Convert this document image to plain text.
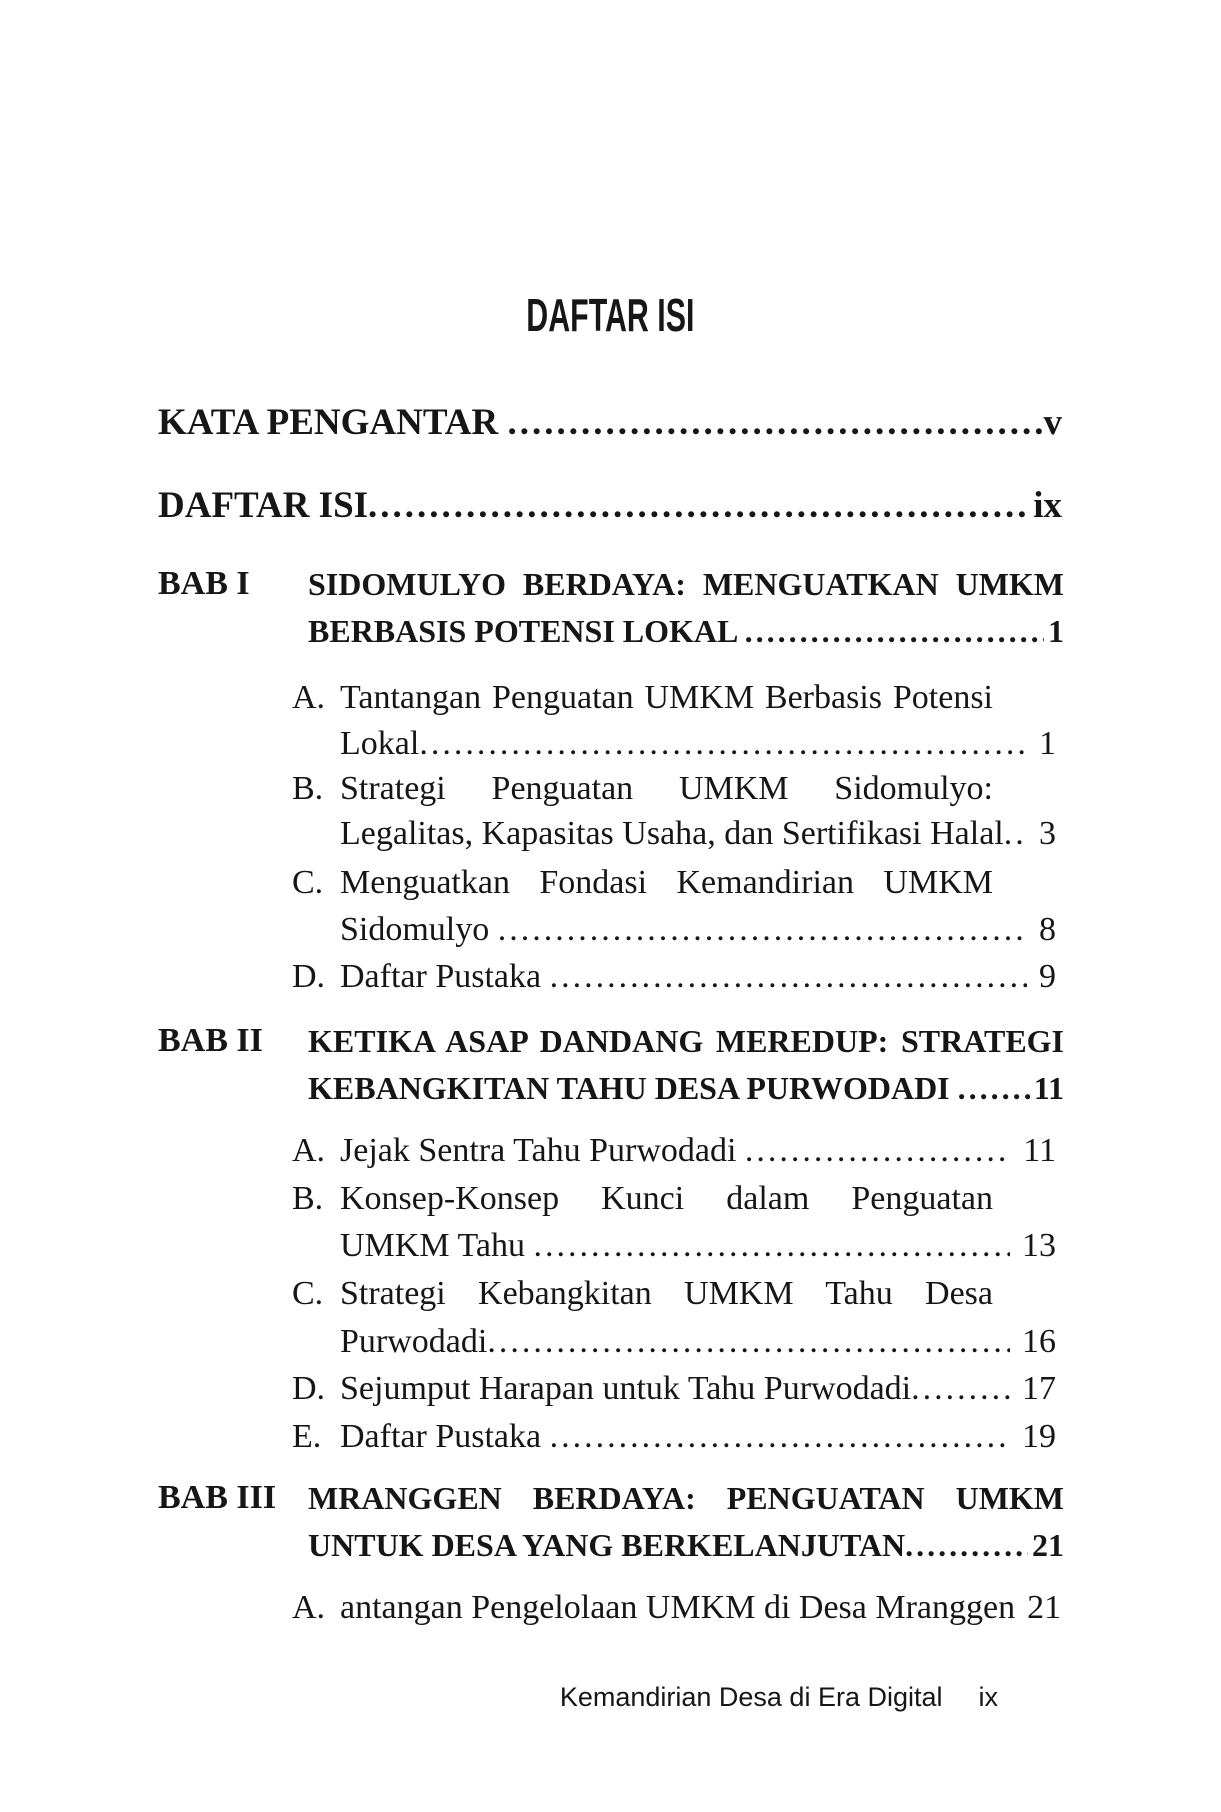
DAFTAR ISI
KATA PENGANTAR .....	v
DAFTAR ISI .....	ix
BAB I SIDOMULYO BERDAYA: MENGUATKAN UMKM
BERBASIS POTENSI LOKAL .....	1
A. Tantangan Penguatan UMKM Berbasis Potensi
Lokal .....	1
B. Strategi Penguatan UMKM Sidomulyo:
Legalitas, Kapasitas Usaha, dan Sertifikasi Halal .....	3
C. Menguatkan Fondasi Kemandirian UMKM
Sidomulyo .....	8
D. Daftar Pustaka .....	9
BAB II KETIKA ASAP DANDANG MEREDUP: STRATEGI
KEBANGKITAN TAHU DESA PURWODADI ..... 11
A. Jejak Sentra Tahu Purwodadi .....	11
B. Konsep-Konsep Kunci dalam Penguatan
UMKM Tahu .....	13
C. Strategi Kebangkitan UMKM Tahu Desa
Purwodadi .....	16
D. Sejumput Harapan untuk Tahu Purwodadi .....	17
E. Daftar Pustaka .....	19
BAB III MRANGGEN BERDAYA: PENGUATAN UMKM
UNTUK DESA YANG BERKELANJUTAN .....	21
A. antangan Pengelolaan UMKM di Desa Mranggen 21
Kemandirian Desa di Era Digital ix
